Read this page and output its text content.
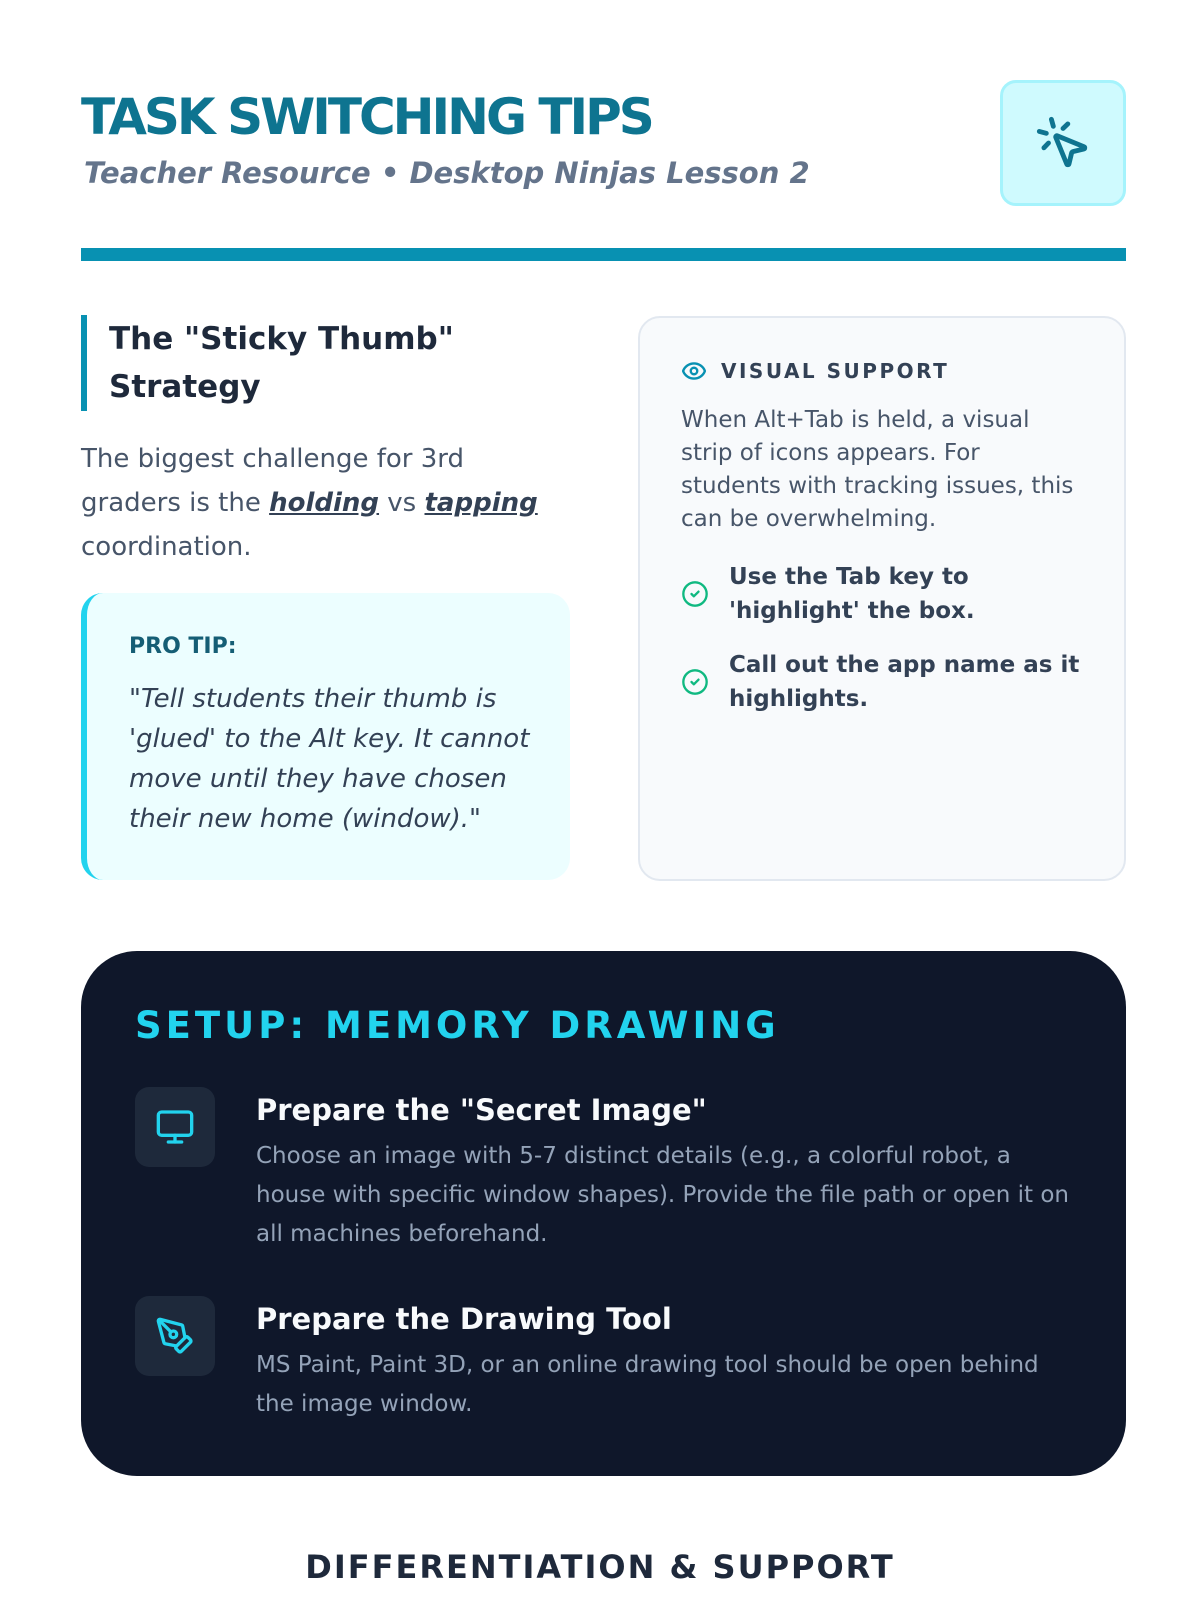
TASK SWITCHING TIPS
Teacher Resource • Desktop Ninjas Lesson 2
The "Sticky Thumb" Strategy

The biggest challenge for 3rd graders is the holding vs tapping coordination.

PRO TIP:

"Tell students their thumb is 'glued' to the Alt key. It cannot move until they have chosen their new home (window)."

VISUAL SUPPORT

When Alt+Tab is held, a visual strip of icons appears. For students with tracking issues, this can be overwhelming.

Use the Tab key to 'highlight' the box.
Call out the app name as it highlights.
SETUP: MEMORY DRAWING
Prepare the "Secret Image"

Choose an image with 5-7 distinct details (e.g., a colorful robot, a house with specific window shapes). Provide the file path or open it on all machines beforehand.

Prepare the Drawing Tool

MS Paint, Paint 3D, or an online drawing tool should be open behind the image window.

DIFFERENTIATION & SUPPORT
